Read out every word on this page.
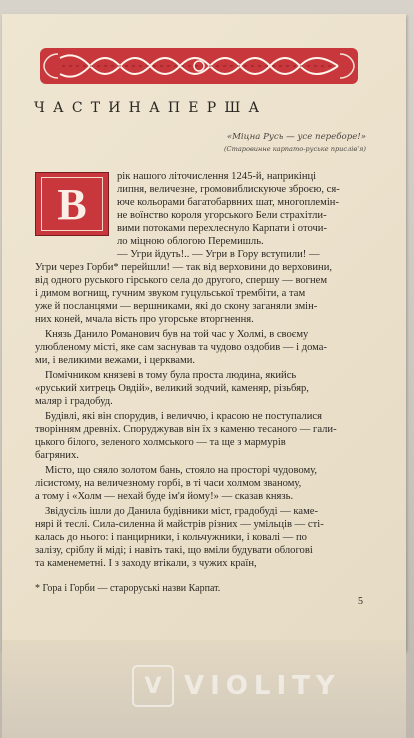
ЧАСТИНАПЕРША
«Мiцна Русь — усе переборе!»
(Старовинне карпато-руське прислiв'я)
В
рiк нашого лiточислення 1245-й, наприкiнцi
липня, величезне, громовиблискуюче зброєю, ся-
юче кольорами багатобарвних шат, многоплемiн-
не воїнство короля угорського Бели страхiтли-
вими потоками перехлеснуло Карпати i оточи-
ло мiцною облогою Перемишль.
— Угри йдуть!.. — Угри в Гору вступили! —
Угри через Горби* перейшли! — так вiд верховини до верховини,
вiд одного руського гiрського села до другого, спершу — вогнем
i димом вогнищ, гучним звуком гуцульської трембiти, а там
уже й посланцями — вершниками, якi до скону заганяли змiн-
них коней, мчала вiсть про угорське вторгнення.
Князь Данило Романович був на той час у Холмi, в своєму
улюбленому мiстi, яке сам заснував та чудово оздобив — i дома-
ми, i великими вежами, i церквами.
Помiчником князевi в тому була проста людина, якийсь
«руський хитрець Овдiй», великий зодчий, каменяр, рiзьбяр,
маляр i градобуд.
Будiвлi, якi вiн спорудив, i величчю, i красою не поступалися
творiнням древнiх. Споруджував вiн їх з каменю тесаного — гали-
цького бiлого, зеленого холмського — та ще з мармурiв
багряних.
Мiсто, що сяяло золотом бань, стояло на просторi чудовому,
лiсистому, на величезному горбi, в тi часи холмом званому,
а тому i «Холм — нехай буде iм'я йому!» — сказав князь.
Звiдусiль iшли до Данила будiвники мiст, градобудi — каме-
нярi й теслi. Сила-силенна й майстрiв рiзних — умiльцiв — стi-
калась до нього: i панцирники, i кольчужники, i ковалi — по
залiзу, срiблу й мiдi; i навiть такi, що вмiли будувати облогові
та каменеметнi. I з заходу втiкали, з чужих країн,
* Гора i Горби — староруськi назви Карпат.
5
V VIOLITY
